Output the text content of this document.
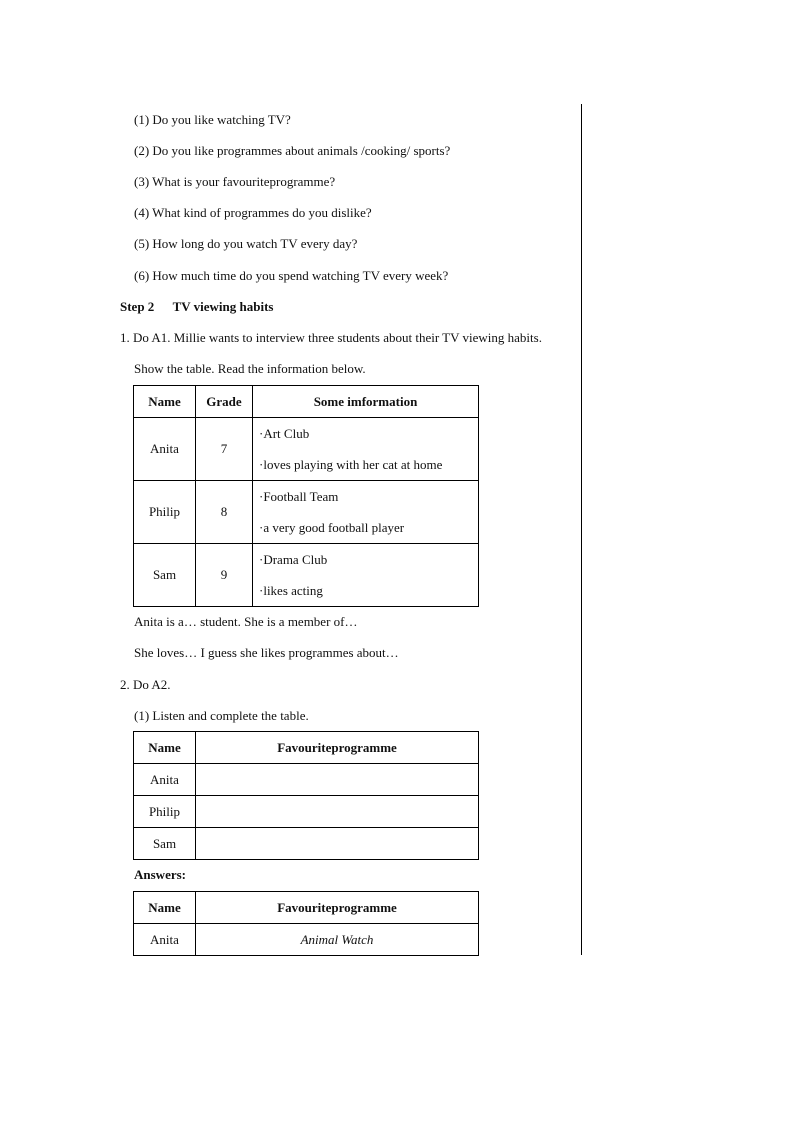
(1) Do you like watching TV?
(2) Do you like programmes about animals /cooking/ sports?
(3) What is your favouriteprogramme?
(4) What kind of programmes do you dislike?
(5) How long do you watch TV every day?
(6) How much time do you spend watching TV every week?
Step 2 TV viewing habits
1. Do A1. Millie wants to interview three students about their TV viewing habits.
Show the table. Read the information below.
Name	Grade	Some imformation
Anita	7	·Art Club
·loves playing with her cat at home

Philip	8	·Football Team
·a very good football player

Sam	9	·Drama Club
·likes acting
Anita is a… student. She is a member of…
She loves… I guess she likes programmes about…
2. Do A2.
(1) Listen and complete the table.
Name	Favouriteprogramme
Anita	
Philip	
Sam	
Answers:
Name	Favouriteprogramme
Anita	Animal Watch
